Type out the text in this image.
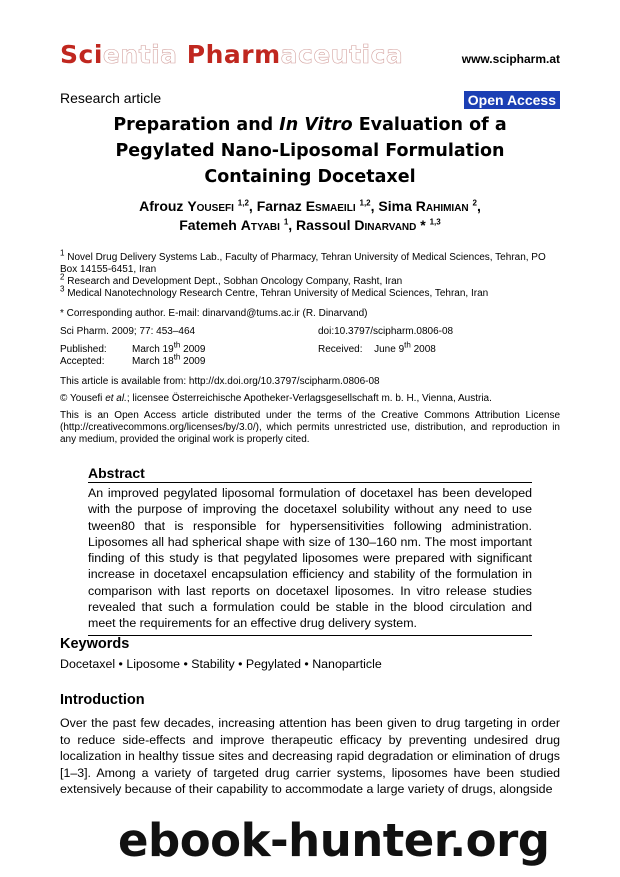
Scientia Pharmaceutica	www.scipharm.at
Research article	Open Access
Preparation and In Vitro Evaluation of a
Pegylated Nano-Liposomal Formulation
Containing Docetaxel
Afrouz Yousefi $^{1,2}$, Farnaz Esmaeili $^{1,2}$, Sima Rahimian $^2$,
Fatemeh Atyabi $^1$, Rassoul Dinarvand * $^{1,3}$

$^1$ Novel Drug Delivery Systems Lab., Faculty of Pharmacy, Tehran University of Medical Sciences, Tehran, PO Box 14155-6451, Iran

$^2$ Research and Development Dept., Sobhan Oncology Company, Rasht, Iran

$^3$ Medical Nanotechnology Research Centre, Tehran University of Medical Sciences, Tehran, Iran

* Corresponding author. E-mail: dinarvand@tums.ac.ir (R. Dinarvand)
Sci Pharm. 2009; 77: 453–464	doi:10.3797/scipharm.0806-08
Published:	March 19th 2009	Received: June 9th 2008
Accepted:	March 18th 2009
This article is available from: http://dx.doi.org/10.3797/scipharm.0806-08
© Yousefi et al.; licensee Österreichische Apotheker-Verlagsgesellschaft m. b. H., Vienna, Austria.
This is an Open Access article distributed under the terms of the Creative Commons Attribution License (http://creativecommons.org/licenses/by/3.0/), which permits unrestricted use, distribution, and reproduction in any medium, provided the original work is properly cited.
Abstract
An improved pegylated liposomal formulation of docetaxel has been developed with the purpose of improving the docetaxel solubility without any need to use tween80 that is responsible for hypersensitivities following administration. Liposomes all had spherical shape with size of 130–160 nm. The most important finding of this study is that pegylated liposomes were prepared with significant increase in docetaxel encapsulation efficiency and stability of the formulation in comparison with last reports on docetaxel liposomes. In vitro release studies revealed that such a formulation could be stable in the blood circulation and meet the requirements for an effective drug delivery system.
Keywords
Docetaxel • Liposome • Stability • Pegylated • Nanoparticle
Introduction
Over the past few decades, increasing attention has been given to drug targeting in order to reduce side-effects and improve therapeutic efficacy by preventing undesired drug localization in healthy tissue sites and decreasing rapid degradation or elimination of drugs [1–3]. Among a variety of targeted drug carrier systems, liposomes have been studied extensively because of their capability to accommodate a large variety of drugs, alongside
ebook-hunter.org
